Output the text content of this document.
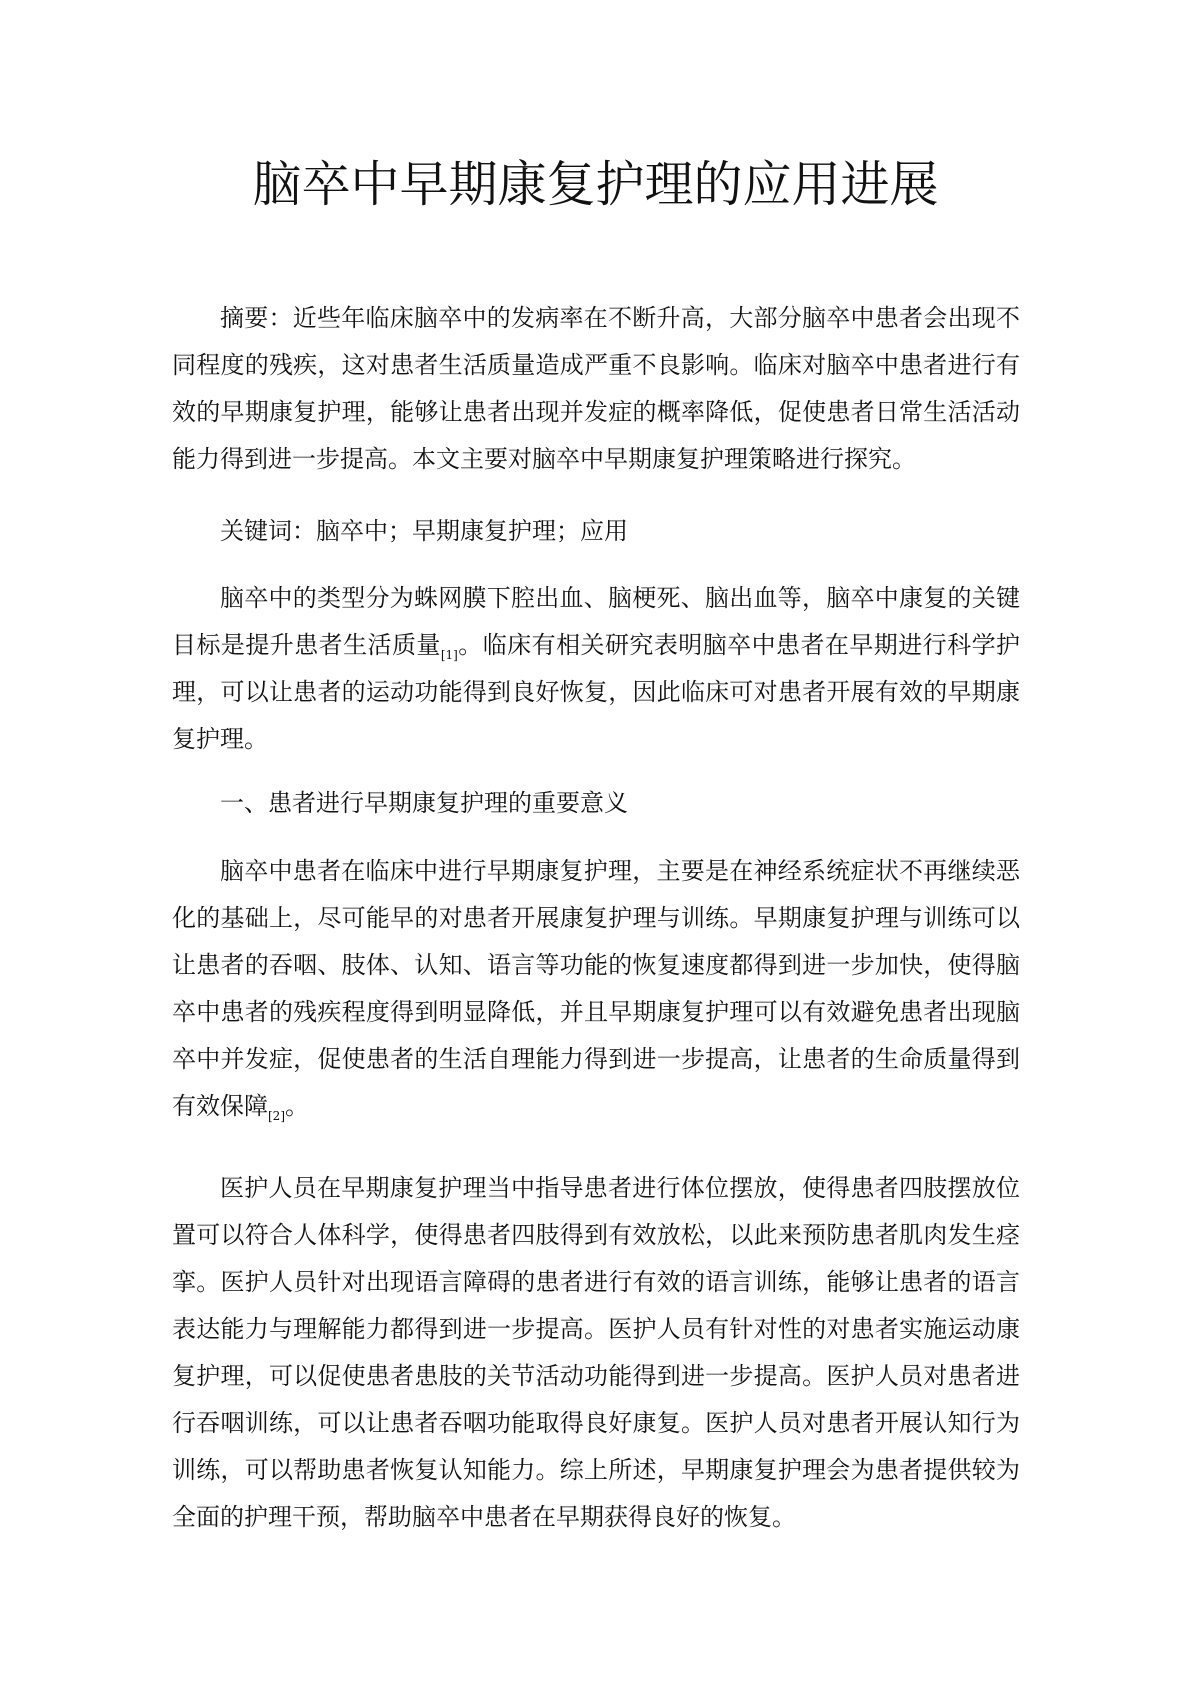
脑卒中早期康复护理的应用进展

摘要：近些年临床脑卒中的发病率在不断升高，大部分脑卒中患者会出现不同程度的残疾，这对患者生活质量造成严重不良影响。临床对脑卒中患者进行有效的早期康复护理，能够让患者出现并发症的概率降低，促使患者日常生活活动能力得到进一步提高。本文主要对脑卒中早期康复护理策略进行探究。

关键词：脑卒中；早期康复护理；应用

脑卒中的类型分为蛛网膜下腔出血、脑梗死、脑出血等，脑卒中康复的关键目标是提升患者生活质量$_{[1]}$。临床有相关研究表明脑卒中患者在早期进行科学护理，可以让患者的运动功能得到良好恢复，因此临床可对患者开展有效的早期康复护理。

一、患者进行早期康复护理的重要意义

脑卒中患者在临床中进行早期康复护理，主要是在神经系统症状不再继续恶化的基础上，尽可能早的对患者开展康复护理与训练。早期康复护理与训练可以让患者的吞咽、肢体、认知、语言等功能的恢复速度都得到进一步加快，使得脑卒中患者的残疾程度得到明显降低，并且早期康复护理可以有效避免患者出现脑卒中并发症，促使患者的生活自理能力得到进一步提高，让患者的生命质量得到有效保障$_{[2]}$。

医护人员在早期康复护理当中指导患者进行体位摆放，使得患者四肢摆放位置可以符合人体科学，使得患者四肢得到有效放松，以此来预防患者肌肉发生痉挛。医护人员针对出现语言障碍的患者进行有效的语言训练，能够让患者的语言表达能力与理解能力都得到进一步提高。医护人员有针对性的对患者实施运动康复护理，可以促使患者患肢的关节活动功能得到进一步提高。医护人员对患者进行吞咽训练，可以让患者吞咽功能取得良好康复。医护人员对患者开展认知行为训练，可以帮助患者恢复认知能力。综上所述，早期康复护理会为患者提供较为全面的护理干预，帮助脑卒中患者在早期获得良好的恢复。
